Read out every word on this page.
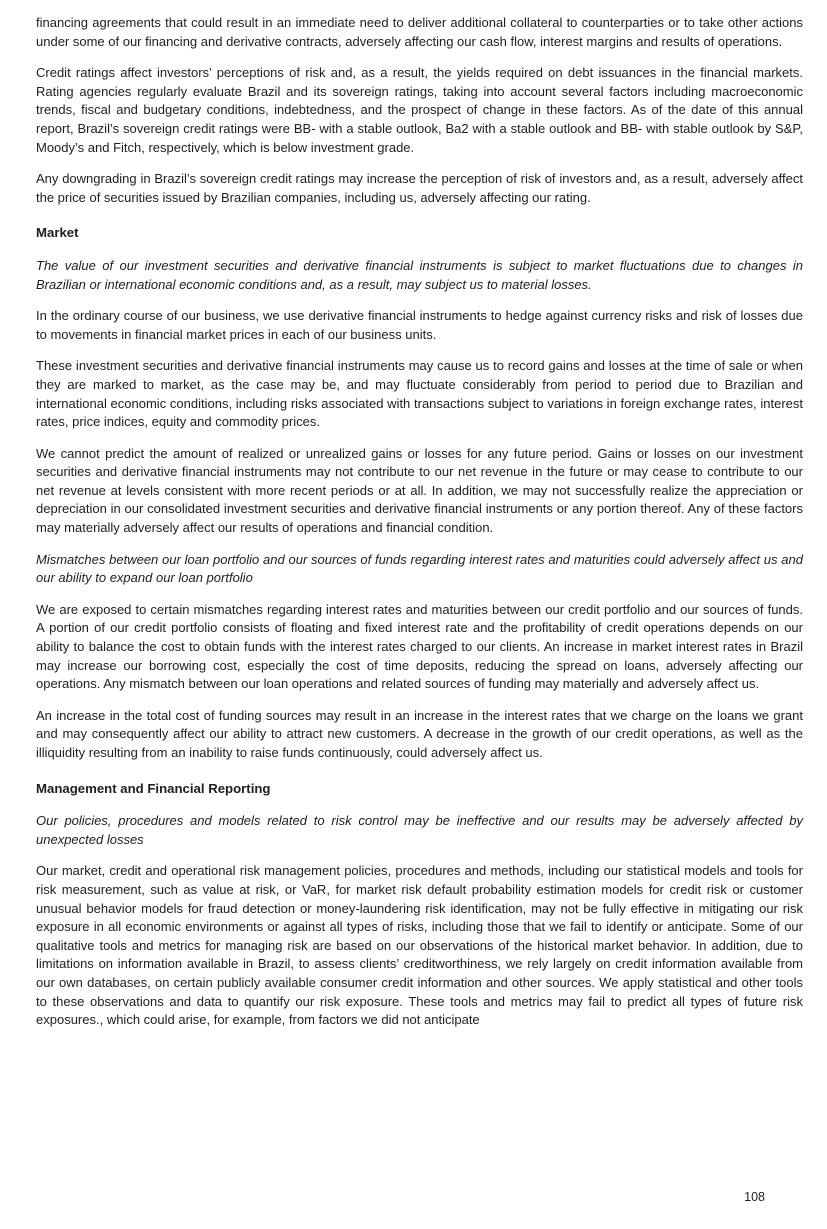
financing agreements that could result in an immediate need to deliver additional collateral to counterparties or to take other actions under some of our financing and derivative contracts, adversely affecting our cash flow, interest margins and results of operations.

Credit ratings affect investors’ perceptions of risk and, as a result, the yields required on debt issuances in the financial markets. Rating agencies regularly evaluate Brazil and its sovereign ratings, taking into account several factors including macroeconomic trends, fiscal and budgetary conditions, indebtedness, and the prospect of change in these factors. As of the date of this annual report, Brazil’s sovereign credit ratings were BB- with a stable outlook, Ba2 with a stable outlook and BB- with stable outlook by S&P, Moody’s and Fitch, respectively, which is below investment grade.

Any downgrading in Brazil’s sovereign credit ratings may increase the perception of risk of investors and, as a result, adversely affect the price of securities issued by Brazilian companies, including us, adversely affecting our rating.

Market

The value of our investment securities and derivative financial instruments is subject to market fluctuations due to changes in Brazilian or international economic conditions and, as a result, may subject us to material losses.

In the ordinary course of our business, we use derivative financial instruments to hedge against currency risks and risk of losses due to movements in financial market prices in each of our business units.

These investment securities and derivative financial instruments may cause us to record gains and losses at the time of sale or when they are marked to market, as the case may be, and may fluctuate considerably from period to period due to Brazilian and international economic conditions, including risks associated with transactions subject to variations in foreign exchange rates, interest rates, price indices, equity and commodity prices.

We cannot predict the amount of realized or unrealized gains or losses for any future period. Gains or losses on our investment securities and derivative financial instruments may not contribute to our net revenue in the future or may cease to contribute to our net revenue at levels consistent with more recent periods or at all. In addition, we may not successfully realize the appreciation or depreciation in our consolidated investment securities and derivative financial instruments or any portion thereof. Any of these factors may materially adversely affect our results of operations and financial condition.

Mismatches between our loan portfolio and our sources of funds regarding interest rates and maturities could adversely affect us and our ability to expand our loan portfolio

We are exposed to certain mismatches regarding interest rates and maturities between our credit portfolio and our sources of funds. A portion of our credit portfolio consists of floating and fixed interest rate and the profitability of credit operations depends on our ability to balance the cost to obtain funds with the interest rates charged to our clients. An increase in market interest rates in Brazil may increase our borrowing cost, especially the cost of time deposits, reducing the spread on loans, adversely affecting our operations. Any mismatch between our loan operations and related sources of funding may materially and adversely affect us.

An increase in the total cost of funding sources may result in an increase in the interest rates that we charge on the loans we grant and may consequently affect our ability to attract new customers. A decrease in the growth of our credit operations, as well as the illiquidity resulting from an inability to raise funds continuously, could adversely affect us.

Management and Financial Reporting

Our policies, procedures and models related to risk control may be ineffective and our results may be adversely affected by unexpected losses

Our market, credit and operational risk management policies, procedures and methods, including our statistical models and tools for risk measurement, such as value at risk, or VaR, for market risk default probability estimation models for credit risk or customer unusual behavior models for fraud detection or money-laundering risk identification, may not be fully effective in mitigating our risk exposure in all economic environments or against all types of risks, including those that we fail to identify or anticipate. Some of our qualitative tools and metrics for managing risk are based on our observations of the historical market behavior. In addition, due to limitations on information available in Brazil, to assess clients’ creditworthiness, we rely largely on credit information available from our own databases, on certain publicly available consumer credit information and other sources. We apply statistical and other tools to these observations and data to quantify our risk exposure. These tools and metrics may fail to predict all types of future risk exposures., which could arise, for example, from factors we did not anticipate

108
